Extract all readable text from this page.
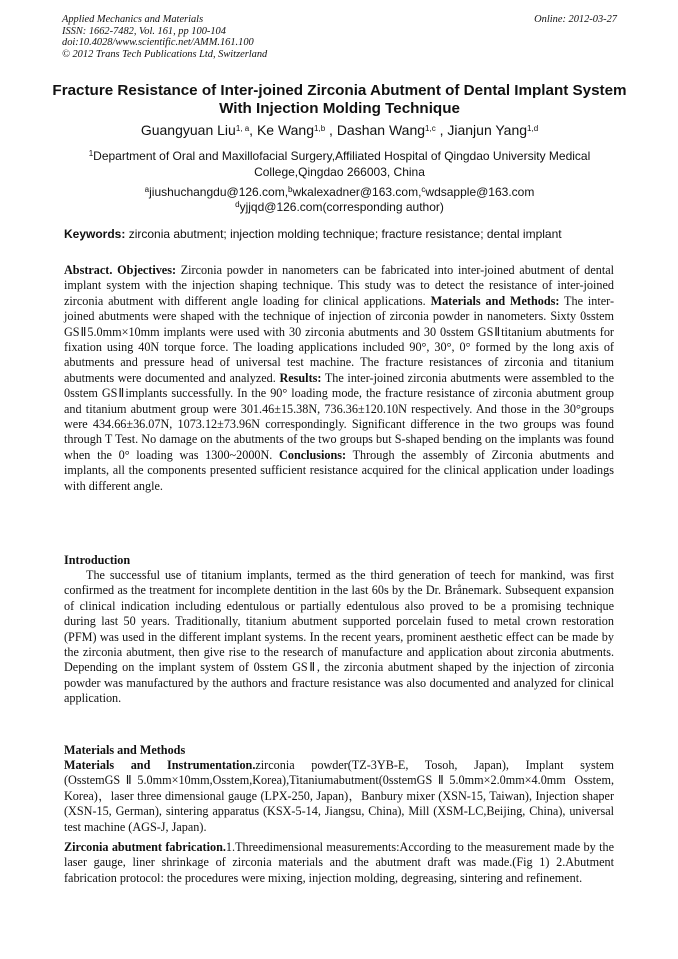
Applied Mechanics and Materials
ISSN: 1662-7482, Vol. 161, pp 100-104
doi:10.4028/www.scientific.net/AMM.161.100
© 2012 Trans Tech Publications Ltd, Switzerland
Online: 2012-03-27
Fracture Resistance of Inter-joined Zirconia Abutment of Dental Implant System With Injection Molding Technique
Guangyuan Liu$^{1, a}$, Ke Wang$^{1,b}$ , Dashan Wang$^{1,c}$ , Jianjun Yang$^{1,d}$
$^1$Department of Oral and Maxillofacial Surgery,Affiliated Hospital of Qingdao University Medical College,Qingdao 266003, China
$^a$jiushuchangdu@126.com,$^b$wkalexadner@163.com,$^c$wdsapple@163.com
$^d$yjjqd@126.com(corresponding author)
Keywords: zirconia abutment; injection molding technique; fracture resistance; dental implant

Abstract. Objectives: Zirconia powder in nanometers can be fabricated into inter-joined abutment of dental implant system with the injection shaping technique. This study was to detect the resistance of inter-joined zirconia abutment with different angle loading for clinical applications. Materials and Methods: The inter-joined abutments were shaped with the technique of injection of zirconia powder in nanometers. Sixty 0sstem GSⅡ5.0mm×10mm implants were used with 30 zirconia abutments and 30 0sstem GSⅡtitanium abutments for fixation using 40N torque force. The loading applications included 90°, 30°, 0° formed by the long axis of abutments and pressure head of universal test machine. The fracture resistances of zirconia and titanium abutments were documented and analyzed. Results: The inter-joined zirconia abutments were assembled to the 0sstem GSⅡimplants successfully. In the 90° loading mode, the fracture resistance of zirconia abutment group and titanium abutment group were 301.46±15.38N, 736.36±120.10N respectively. And those in the 30°groups were 434.66±36.07N, 1073.12±73.96N correspondingly. Significant difference in the two groups was found through T Test. No damage on the abutments of the two groups but S-shaped bending on the implants was found when the 0° loading was 1300~2000N. Conclusions: Through the assembly of Zirconia abutments and implants, all the components presented sufficient resistance acquired for the clinical application under loadings with different angle.

Introduction

The successful use of titanium implants, termed as the third generation of teech for mankind, was first confirmed as the treatment for incomplete dentition in the last 60s by the Dr. Brånemark. Subsequent expansion of clinical indication including edentulous or partially edentulous also proved to be a promising technique during last 50 years. Traditionally, titanium abutment supported porcelain fused to metal crown restoration (PFM) was used in the different implant systems. In the recent years, prominent aesthetic effect can be made by the zirconia abutment, then give rise to the research of manufacture and application about zirconia abutments. Depending on the implant system of 0sstem GSⅡ, the zirconia abutment shaped by the injection of zirconia powder was manufactured by the authors and fracture resistance was also documented and analyzed for clinical application.

Materials and Methods

Materials and Instrumentation.zirconia powder(TZ-3YB-E, Tosoh, Japan), Implant system (OsstemGSⅡ5.0mm×10mm,Osstem,Korea),Titaniumabutment(0sstemGSⅡ5.0mm×2.0mm×4.0mm Osstem, Korea)，laser three dimensional gauge (LPX-250, Japan)，Banbury mixer (XSN-15, Taiwan), Injection shaper (XSN-15, German), sintering apparatus (KSX-5-14, Jiangsu, China), Mill (XSM-LC,Beijing, China), universal test machine (AGS-J, Japan).

Zirconia abutment fabrication.1.Threedimensional measurements:According to the measurement made by the laser gauge, liner shrinkage of zirconia materials and the abutment draft was made.(Fig 1) 2.Abutment fabrication protocol: the procedures were mixing, injection molding, degreasing, sintering and refinement.
